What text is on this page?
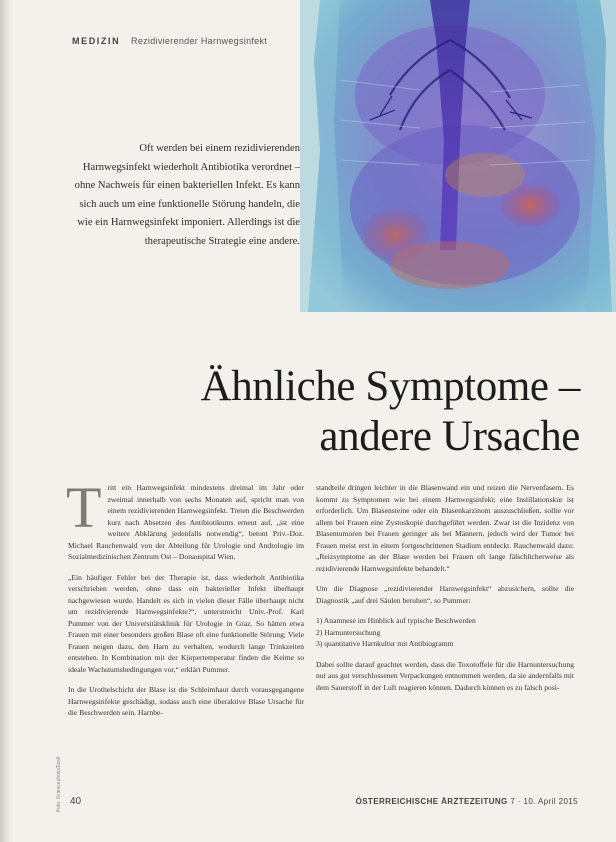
MEDIZIN Rezidivierender Harnwegsinfekt

Oft werden bei einem rezidivierenden Harnwegsinfekt wiederholt Antibiotika verordnet – ohne Nachweis für einen bakteriellen Infekt. Es kann sich auch um eine funktionelle Störung handeln, die wie ein Harnwegsinfekt imponiert. Allerdings ist die therapeutische Strategie eine andere.

Ähnliche Symptome –
andere Ursache

Tritt ein Harnwegsinfekt mindestens dreimal im Jahr oder zweimal innerhalb von sechs Monaten auf, spricht man von einem rezidivierenden Harnwegsinfekt. Treten die Beschwerden kurz nach Absetzen des Antibiotikums erneut auf, „ist eine weitere Abklärung jedenfalls notwendig“, betont Priv.-Doz. Michael Rauchenwald von der Abteilung für Urologie und Andrologie im Sozialmedizinischen Zentrum Ost – Donauspital Wien.

„Ein häufiger Fehler bei der Therapie ist, dass wiederholt Antibiotika verschrieben werden, ohne dass ein bakterieller Infekt überhaupt nachgewiesen wurde. Handelt es sich in vielen dieser Fälle überhaupt nicht um rezidivierende Harnwegsinfekte?“, unterstreicht Univ.-Prof. Karl Pummer von der Universitätsklinik für Urologie in Graz. So hätten etwa Frauen mit einer besonders großen Blase oft eine funktionelle Störung: Viele Frauen neigen dazu, den Harn zu verhalten, wodurch lange Trinkzeiten entstehen. In Kombination mit der Körpertemperatur finden die Keime so ideale Wachstumsbedingungen vor,“ erklärt Pummer.

In die Urothelschicht der Blase ist die Schleimhaut durch vorausgegangene Harnwegsinfekte geschädigt, sodass auch eine überaktive Blase Ursache für die Beschwerden sein. Harnbe-

standteile dringen leichter in die Blasenwand ein und reizen die Nervenfasern. Es kommt zu Symptomen wie bei einem Harnwegsinfekt; eine Instillationskur ist erforderlich. Um Blasensteine oder ein Blasenkarzinom auszuschließen, sollte vor allem bei Frauen eine Zystoskopie durchgeführt werden. Zwar ist die Inzidenz von Blasentumoren bei Frauen geringer als bei Männern, jedoch wird der Tumor bei Frauen meist erst in einem fortgeschrittenen Stadium entdeckt. Rauchenwald dazu: „Reizsymptome an der Blase werden bei Frauen oft lange fälschlicherweise als rezidivierende Harnwegsinfekte behandelt.“

Um die Diagnose „rezidivierender Harnwegsinfekt“ abzusichern, sollte die Diagnostik „auf drei Säulen beruhen“, so Pummer:

1) Anamnese im Hinblick auf typische Beschwerden
2) Harnuntersuchung
3) quantitative Harnkultur mit Antibiogramm

Dabei sollte darauf geachtet werden, dass die Toxotoffele für die Harnuntersuchung nur aus gut verschlossenen Verpackungen entnommen werden, da sie andernfalls mit dem Sauerstoff in der Luft reagieren können. Dadurch können es zu falsch posi-

Foto: Sciencephoto/Ezell 40	ÖSTERREICHISCHE ÄRZTEZEITUNG 7 · 10. April 2015
